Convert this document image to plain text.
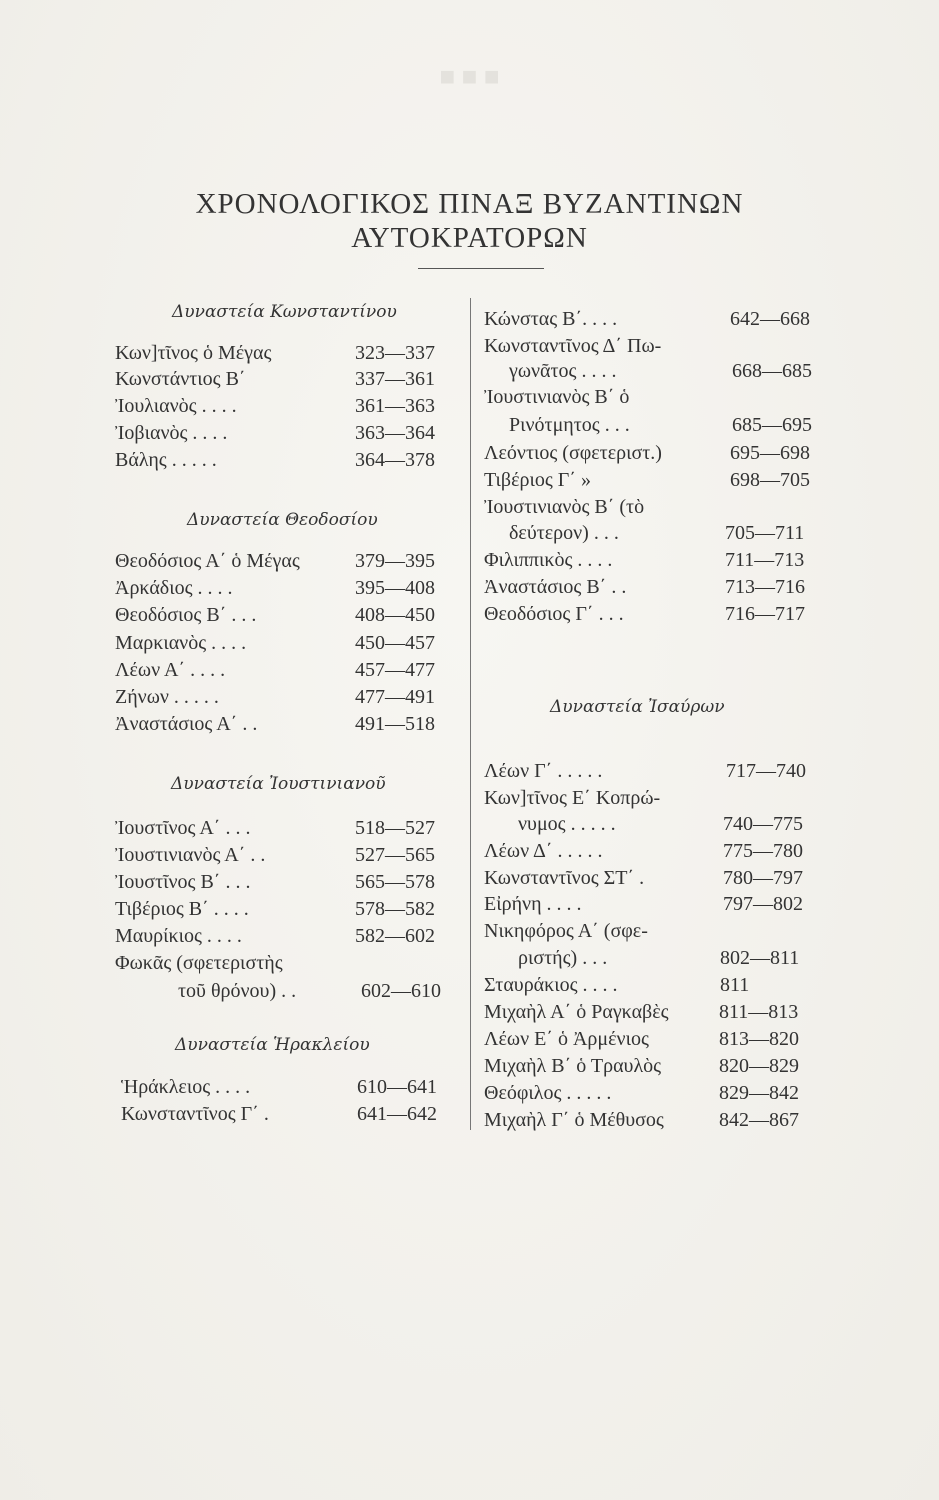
■ ■ ■
ΧΡΟΝΟΛΟΓΙΚΟΣ ΠΙΝΑΞ ΒΥΖΑΝΤΙΝΩΝ
ΑΥΤΟΚΡΑΤΟΡΩΝ
Δυναστεία Κωνσταντίνου
Κων]τῖνος ὁ Μέγας	323—337
Κωνστάντιος Β΄	337—361
Ἰουλιανὸς . . . .	361—363
Ἰοβιανὸς . . . .	363—364
Βάλης . . . . .	364—378
Δυναστεία Θεοδοσίου
Θεοδόσιος Α΄ ὁ Μέγας	379—395
Ἀρκάδιος . . . .	395—408
Θεοδόσιος Β΄ . . .	408—450
Μαρκιανὸς . . . .	450—457
Λέων Α΄ . . . .	457—477
Ζήνων . . . . .	477—491
Ἀναστάσιος Α΄ . .	491—518
Δυναστεία Ἰουστινιανοῦ
Ἰουστῖνος Α΄ . . .	518—527
Ἰουστινιανὸς Α΄ . .	527—565
Ἰουστῖνος Β΄ . . .	565—578
Τιβέριος Β΄ . . . .	578—582
Μαυρίκιος . . . .	582—602
Φωκᾶς (σφετεριστὴς
τοῦ θρόνου) . .	602—610
Δυναστεία Ἡρακλείου
Ἡράκλειος . . . .	610—641
Κωνσταντῖνος Γ΄ .	641—642
Κώνστας Β΄. . . .	642—668
Κωνσταντῖνος Δ΄ Πω-
γωνᾶτος . . . .	668—685
Ἰουστινιανὸς Β΄ ὁ
Ρινότμητος . . .	685—695
Λεόντιος (σφετεριστ.)	695—698
Τιβέριος Γ΄ »	698—705
Ἰουστινιανὸς Β΄ (τὸ
δεύτερον) . . .	705—711
Φιλιππικὸς . . . .	711—713
Ἀναστάσιος Β΄ . .	713—716
Θεοδόσιος Γ΄ . . .	716—717
Δυναστεία Ἰσαύρων
Λέων Γ΄ . . . . .	717—740
Κων]τῖνος Ε΄ Κοπρώ-
νυμος . . . . .	740—775
Λέων Δ΄ . . . . .	775—780
Κωνσταντῖνος ΣΤ΄ .	780—797
Εἰρήνη . . . .	797—802
Νικηφόρος Α΄ (σφε-
ριστής) . . .	802—811
Σταυράκιος . . . .	811
Μιχαὴλ Α΄ ὁ Ραγκαβὲς	811—813
Λέων Ε΄ ὁ Ἀρμένιος	813—820
Μιχαὴλ Β΄ ὁ Τραυλὸς	820—829
Θεόφιλος . . . . .	829—842
Μιχαὴλ Γ΄ ὁ Μέθυσος	842—867
